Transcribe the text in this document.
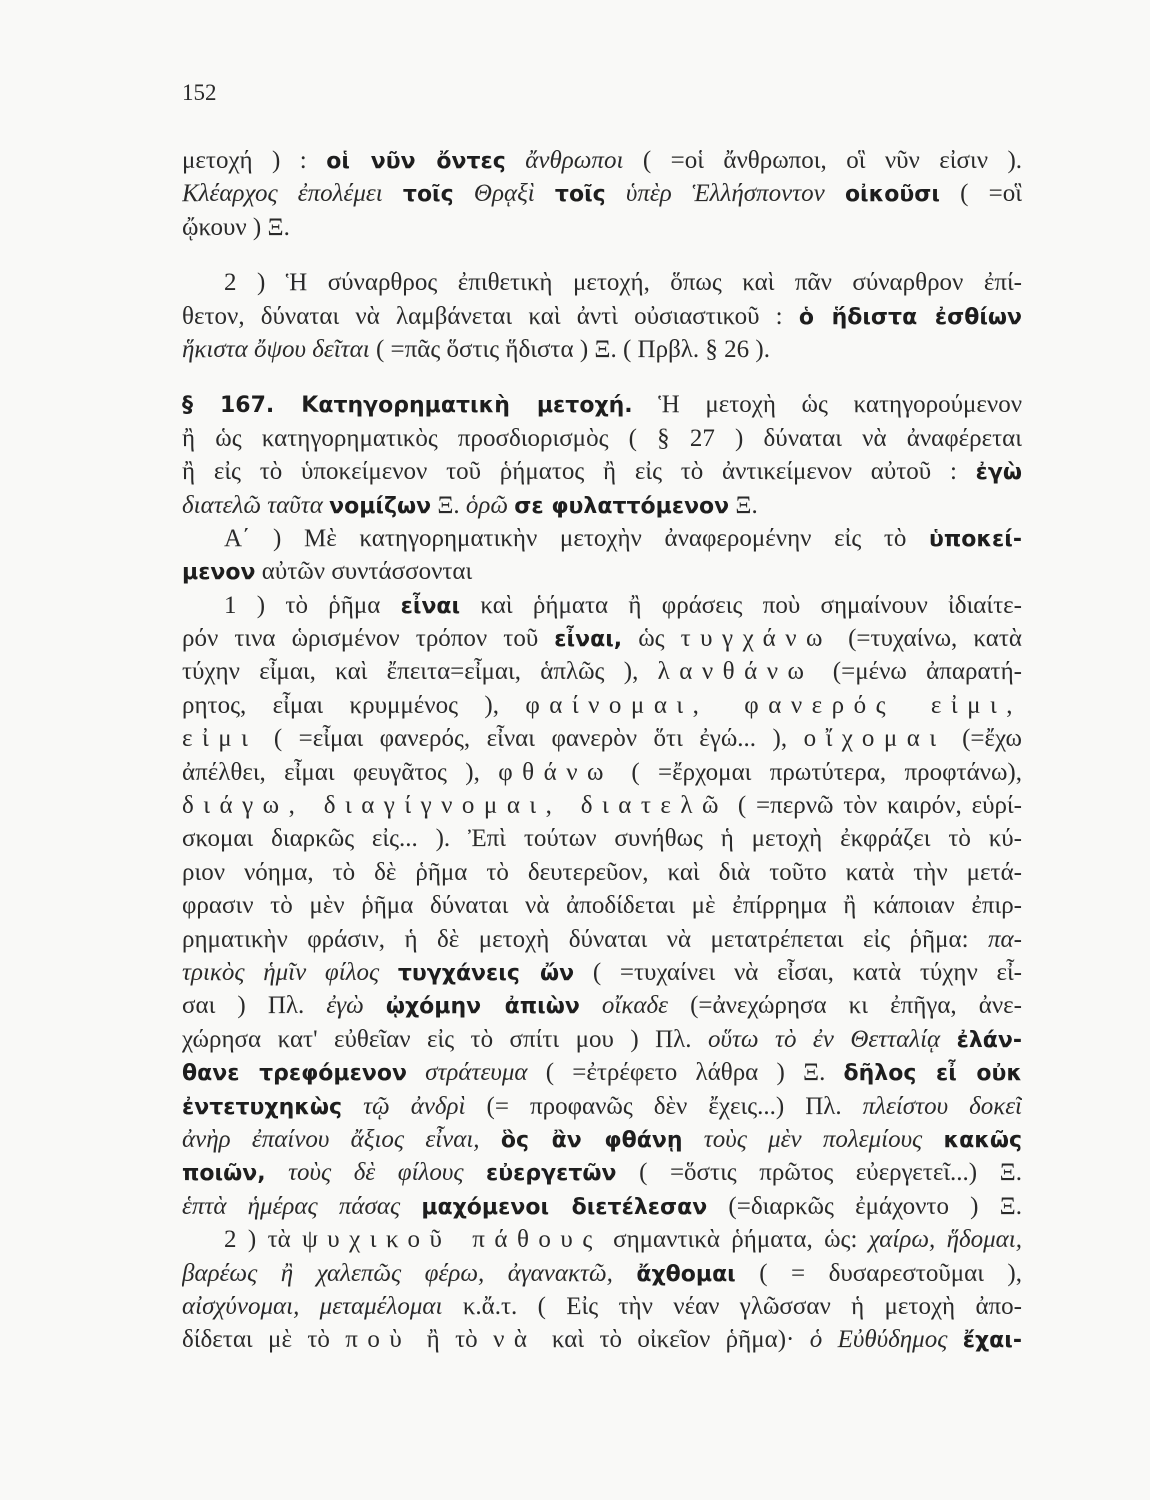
152
μετοχή ) : οἱ νῦν ὄντες ἄνθρωποι ( =οἱ ἄνθρωποι, οἳ νῦν εἰσιν ).
Κλέαρχος ἐπολέμει τοῖς Θρᾳξὶ τοῖς ὑπὲρ Ἑλλήσποντον οἰκοῦσι ( =οἳ
ᾤκουν ) Ξ.
2 ) Ἡ σύναρθρος ἐπιθετικὴ μετοχή, ὅπως καὶ πᾶν σύναρθρον ἐπί-
θετον, δύναται νὰ λαμβάνεται καὶ ἀντὶ οὐσιαστικοῦ : ὁ ἥδιστα ἐσθίων
ἥκιστα ὄψου δεῖται ( =πᾶς ὅστις ἥδιστα ) Ξ. ( Πρβλ. § 26 ).
§ 167. Κατηγορηματικὴ μετοχή. Ἡ μετοχὴ ὡς κατηγορούμενον
ἢ ὡς κατηγορηματικὸς προσδιορισμὸς ( § 27 ) δύναται νὰ ἀναφέρεται
ἢ εἰς τὸ ὑποκείμενον τοῦ ῥήματος ἢ εἰς τὸ ἀντικείμενον αὐτοῦ : ἐγὼ
διατελῶ ταῦτα νομίζων Ξ. ὁρῶ σε φυλαττόμενον Ξ.
Α΄ ) Μὲ κατηγορηματικὴν μετοχὴν ἀναφερομένην εἰς τὸ ὑποκεί-
μενον αὐτῶν συντάσσονται
1 ) τὸ ῥῆμα εἶναι καὶ ῥήματα ἢ φράσεις ποὺ σημαίνουν ἰδιαίτε-
ρόν τινα ὡρισμένον τρόπον τοῦ εἶναι, ὡς τυγχάνω (=τυχαίνω, κατὰ
τύχην εἶμαι, καὶ ἔπειτα=εἶμαι, ἁπλῶς ), λανθάνω (=μένω ἀπαρατή-
ρητος, εἶμαι κρυμμένος ), φαίνομαι, φανερός εἰμι,
εἰμι ( =εἶμαι φανερός, εἶναι φανερὸν ὅτι ἐγώ... ), οἴχομαι (=ἔχω
ἀπέλθει, εἶμαι φευγᾶτος ), φθάνω ( =ἔρχομαι πρωτύτερα, προφτάνω),
διάγω, διαγίγνομαι, διατελῶ ( =περνῶ τὸν καιρόν, εὑρί-
σκομαι διαρκῶς εἰς... ). Ἐπὶ τούτων συνήθως ἡ μετοχὴ ἐκφράζει τὸ κύ-
ριον νόημα, τὸ δὲ ῥῆμα τὸ δευτερεῦον, καὶ διὰ τοῦτο κατὰ τὴν μετά-
φρασιν τὸ μὲν ῥῆμα δύναται νὰ ἀποδίδεται μὲ ἐπίρρημα ἢ κάποιαν ἐπιρ-
ρηματικὴν φράσιν, ἡ δὲ μετοχὴ δύναται νὰ μετατρέπεται εἰς ῥῆμα: πα-
τρικὸς ἡμῖν φίλος τυγχάνεις ὤν ( =τυχαίνει νὰ εἶσαι, κατὰ τύχην εἶ-
σαι ) Πλ. ἐγὼ ᾠχόμην ἀπιὼν οἴκαδε (=ἀνεχώρησα κι ἐπῆγα, ἀνε-
χώρησα κατ' εὐθεῖαν εἰς τὸ σπίτι μου ) Πλ. οὕτω τὸ ἐν Θετταλίᾳ ἐλάν-
θανε τρεφόμενον στράτευμα ( =ἐτρέφετο λάθρα ) Ξ. δῆλος εἶ οὐκ
ἐντετυχηκὼς τῷ ἀνδρὶ (= προφανῶς δὲν ἔχεις...) Πλ. πλείστου δοκεῖ
ἀνὴρ ἐπαίνου ἄξιος εἶναι, ὃς ἂν φθάνῃ τοὺς μὲν πολεμίους κακῶς
ποιῶν, τοὺς δὲ φίλους εὐεργετῶν ( =ὅστις πρῶτος εὐεργετεῖ...) Ξ.
ἑπτὰ ἡμέρας πάσας μαχόμενοι διετέλεσαν (=διαρκῶς ἐμάχοντο ) Ξ.
2 ) τὰ ψυχικοῦ πάθους σημαντικὰ ῥήματα, ὡς: χαίρω, ἥδομαι,
βαρέως ἢ χαλεπῶς φέρω, ἀγανακτῶ, ἄχθομαι ( = δυσαρεστοῦμαι ),
αἰσχύνομαι, μεταμέλομαι κ.ἄ.τ. ( Εἰς τὴν νέαν γλῶσσαν ἡ μετοχὴ ἀπο-
δίδεται μὲ τὸ ποὺ ἢ τὸ νὰ καὶ τὸ οἰκεῖον ῥῆμα)· ὁ Εὐθύδημος ἔχαι-
